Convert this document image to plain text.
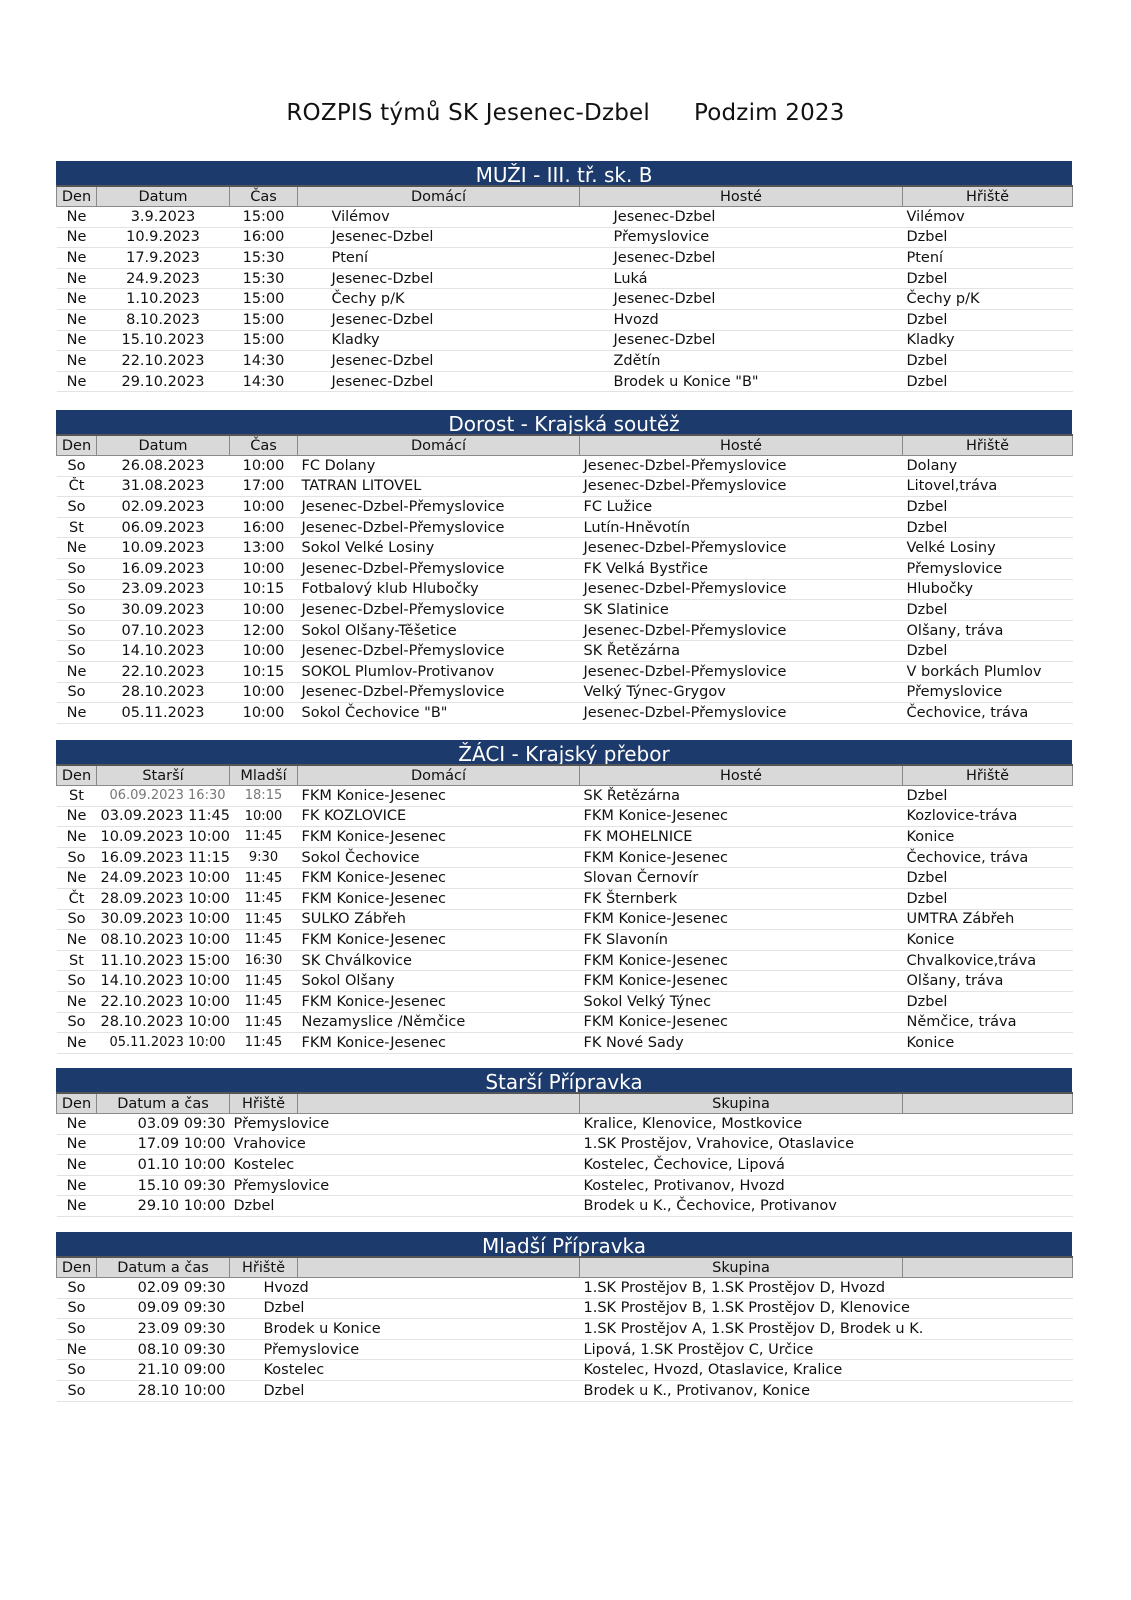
ROZPIS týmů SK Jesenec-Dzbel Podzim 2023
MUŽI - III. tř. sk. B
Den	Datum	Čas	Domácí	Hosté	Hřiště
Ne	3.9.2023	15:00	Vilémov	Jesenec-Dzbel	Vilémov
Ne	10.9.2023	16:00	Jesenec-Dzbel	Přemyslovice	Dzbel
Ne	17.9.2023	15:30	Ptení	Jesenec-Dzbel	Ptení
Ne	24.9.2023	15:30	Jesenec-Dzbel	Luká	Dzbel
Ne	1.10.2023	15:00	Čechy p/K	Jesenec-Dzbel	Čechy p/K
Ne	8.10.2023	15:00	Jesenec-Dzbel	Hvozd	Dzbel
Ne	15.10.2023	15:00	Kladky	Jesenec-Dzbel	Kladky
Ne	22.10.2023	14:30	Jesenec-Dzbel	Zdětín	Dzbel
Ne	29.10.2023	14:30	Jesenec-Dzbel	Brodek u Konice "B"	Dzbel
Dorost - Krajská soutěž
Den	Datum	Čas	Domácí	Hosté	Hřiště
So	26.08.2023	10:00	FC Dolany	Jesenec-Dzbel-Přemyslovice	Dolany
Čt	31.08.2023	17:00	TATRAN LITOVEL	Jesenec-Dzbel-Přemyslovice	Litovel,tráva
So	02.09.2023	10:00	Jesenec-Dzbel-Přemyslovice	FC Lužice	Dzbel
St	06.09.2023	16:00	Jesenec-Dzbel-Přemyslovice	Lutín-Hněvotín	Dzbel
Ne	10.09.2023	13:00	Sokol Velké Losiny	Jesenec-Dzbel-Přemyslovice	Velké Losiny
So	16.09.2023	10:00	Jesenec-Dzbel-Přemyslovice	FK Velká Bystřice	Přemyslovice
So	23.09.2023	10:15	Fotbalový klub Hlubočky	Jesenec-Dzbel-Přemyslovice	Hlubočky
So	30.09.2023	10:00	Jesenec-Dzbel-Přemyslovice	SK Slatinice	Dzbel
So	07.10.2023	12:00	Sokol Olšany-Těšetice	Jesenec-Dzbel-Přemyslovice	Olšany, tráva
So	14.10.2023	10:00	Jesenec-Dzbel-Přemyslovice	SK Řetězárna	Dzbel
Ne	22.10.2023	10:15	SOKOL Plumlov-Protivanov	Jesenec-Dzbel-Přemyslovice	V borkách Plumlov
So	28.10.2023	10:00	Jesenec-Dzbel-Přemyslovice	Velký Týnec-Grygov	Přemyslovice
Ne	05.11.2023	10:00	Sokol Čechovice "B"	Jesenec-Dzbel-Přemyslovice	Čechovice, tráva
ŽÁCI - Krajský přebor
Den	Starší	Mladší	Domácí	Hosté	Hřiště
St	06.09.2023 16:30	18:15	FKM Konice-Jesenec	SK Řetězárna	Dzbel
Ne	03.09.2023 11:45	10:00	FK KOZLOVICE	FKM Konice-Jesenec	Kozlovice-tráva
Ne	10.09.2023 10:00	11:45	FKM Konice-Jesenec	FK MOHELNICE	Konice
So	16.09.2023 11:15	9:30	Sokol Čechovice	FKM Konice-Jesenec	Čechovice, tráva
Ne	24.09.2023 10:00	11:45	FKM Konice-Jesenec	Slovan Černovír	Dzbel
Čt	28.09.2023 10:00	11:45	FKM Konice-Jesenec	FK Šternberk	Dzbel
So	30.09.2023 10:00	11:45	SULKO Zábřeh	FKM Konice-Jesenec	UMTRA Zábřeh
Ne	08.10.2023 10:00	11:45	FKM Konice-Jesenec	FK Slavonín	Konice
St	11.10.2023 15:00	16:30	SK Chválkovice	FKM Konice-Jesenec	Chvalkovice,tráva
So	14.10.2023 10:00	11:45	Sokol Olšany	FKM Konice-Jesenec	Olšany, tráva
Ne	22.10.2023 10:00	11:45	FKM Konice-Jesenec	Sokol Velký Týnec	Dzbel
So	28.10.2023 10:00	11:45	Nezamyslice /Němčice	FKM Konice-Jesenec	Němčice, tráva
Ne	05.11.2023 10:00	11:45	FKM Konice-Jesenec	FK Nové Sady	Konice
Starší Přípravka
Den	Datum a čas	Hřiště		Skupina	
Ne	03.09 09:30	Přemyslovice		Kralice, Klenovice, Mostkovice	
Ne	17.09 10:00	Vrahovice		1.SK Prostějov, Vrahovice, Otaslavice	
Ne	01.10 10:00	Kostelec		Kostelec, Čechovice, Lipová	
Ne	15.10 09:30	Přemyslovice		Kostelec, Protivanov, Hvozd	
Ne	29.10 10:00	Dzbel		Brodek u K., Čechovice, Protivanov	
Mladší Přípravka
Den	Datum a čas	Hřiště		Skupina	
So	02.09 09:30	Hvozd		1.SK Prostějov B, 1.SK Prostějov D, Hvozd	
So	09.09 09:30	Dzbel		1.SK Prostějov B, 1.SK Prostějov D, Klenovice	
So	23.09 09:30	Brodek u Konice		1.SK Prostějov A, 1.SK Prostějov D, Brodek u K.	
Ne	08.10 09:30	Přemyslovice		Lipová, 1.SK Prostějov C, Určice	
So	21.10 09:00	Kostelec		Kostelec, Hvozd, Otaslavice, Kralice	
So	28.10 10:00	Dzbel		Brodek u K., Protivanov, Konice	
